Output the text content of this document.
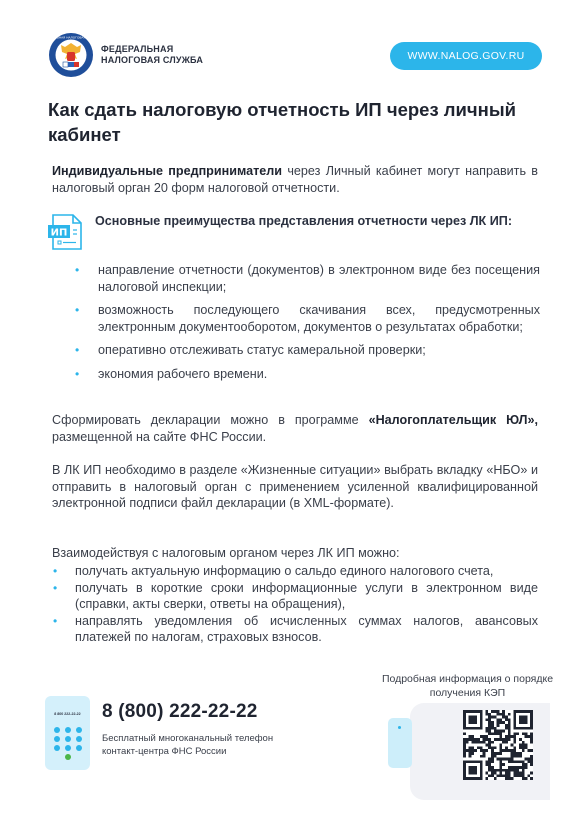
ФЕДЕРАЛЬНАЯ НАЛОГОВАЯ СЛУЖБА
ФЕДЕРАЛЬНАЯ
НАЛОГОВАЯ СЛУЖБА	WWW.NALOG.GOV.RU
Как сдать налоговую отчетность ИП через личный кабинет

Индивидуальные предприниматели через Личный кабинет могут направить в налоговый орган 20 форм налоговой отчетности.

ИП
Основные преимущества представления отчетности через ЛК ИП:
• направление отчетности (документов) в электронном виде без посещения налоговой инспекции;
• возможность последующего скачивания всех, предусмотренных электронным документооборотом, документов о результатах обработки;
• оперативно отслеживать статус камеральной проверки;
• экономия рабочего времени.

Сформировать декларации можно в программе «Налогоплательщик ЮЛ», размещенной на сайте ФНС России.

В ЛК ИП необходимо в разделе «Жизненные ситуации» выбрать вкладку «НБО» и отправить в налоговый орган с применением усиленной квалифицированной электронной подписи файл декларации (в XML-формате).

Взаимодействуя с налоговым органом через ЛК ИП можно:

• получать актуальную информацию о сальдо единого налогового счета,
• получать в короткие сроки информационные услуги в электронном виде (справки, акты сверки, ответы на обращения),
• направлять уведомления об исчисленных суммах налогов, авансовых платежей по налогам, страховых взносов.
Подробная информация о порядке получения КЭП
8 800 222-22-22 8 (800) 222-22-22
Бесплатный многоканальный телефон контакт-центра ФНС России
